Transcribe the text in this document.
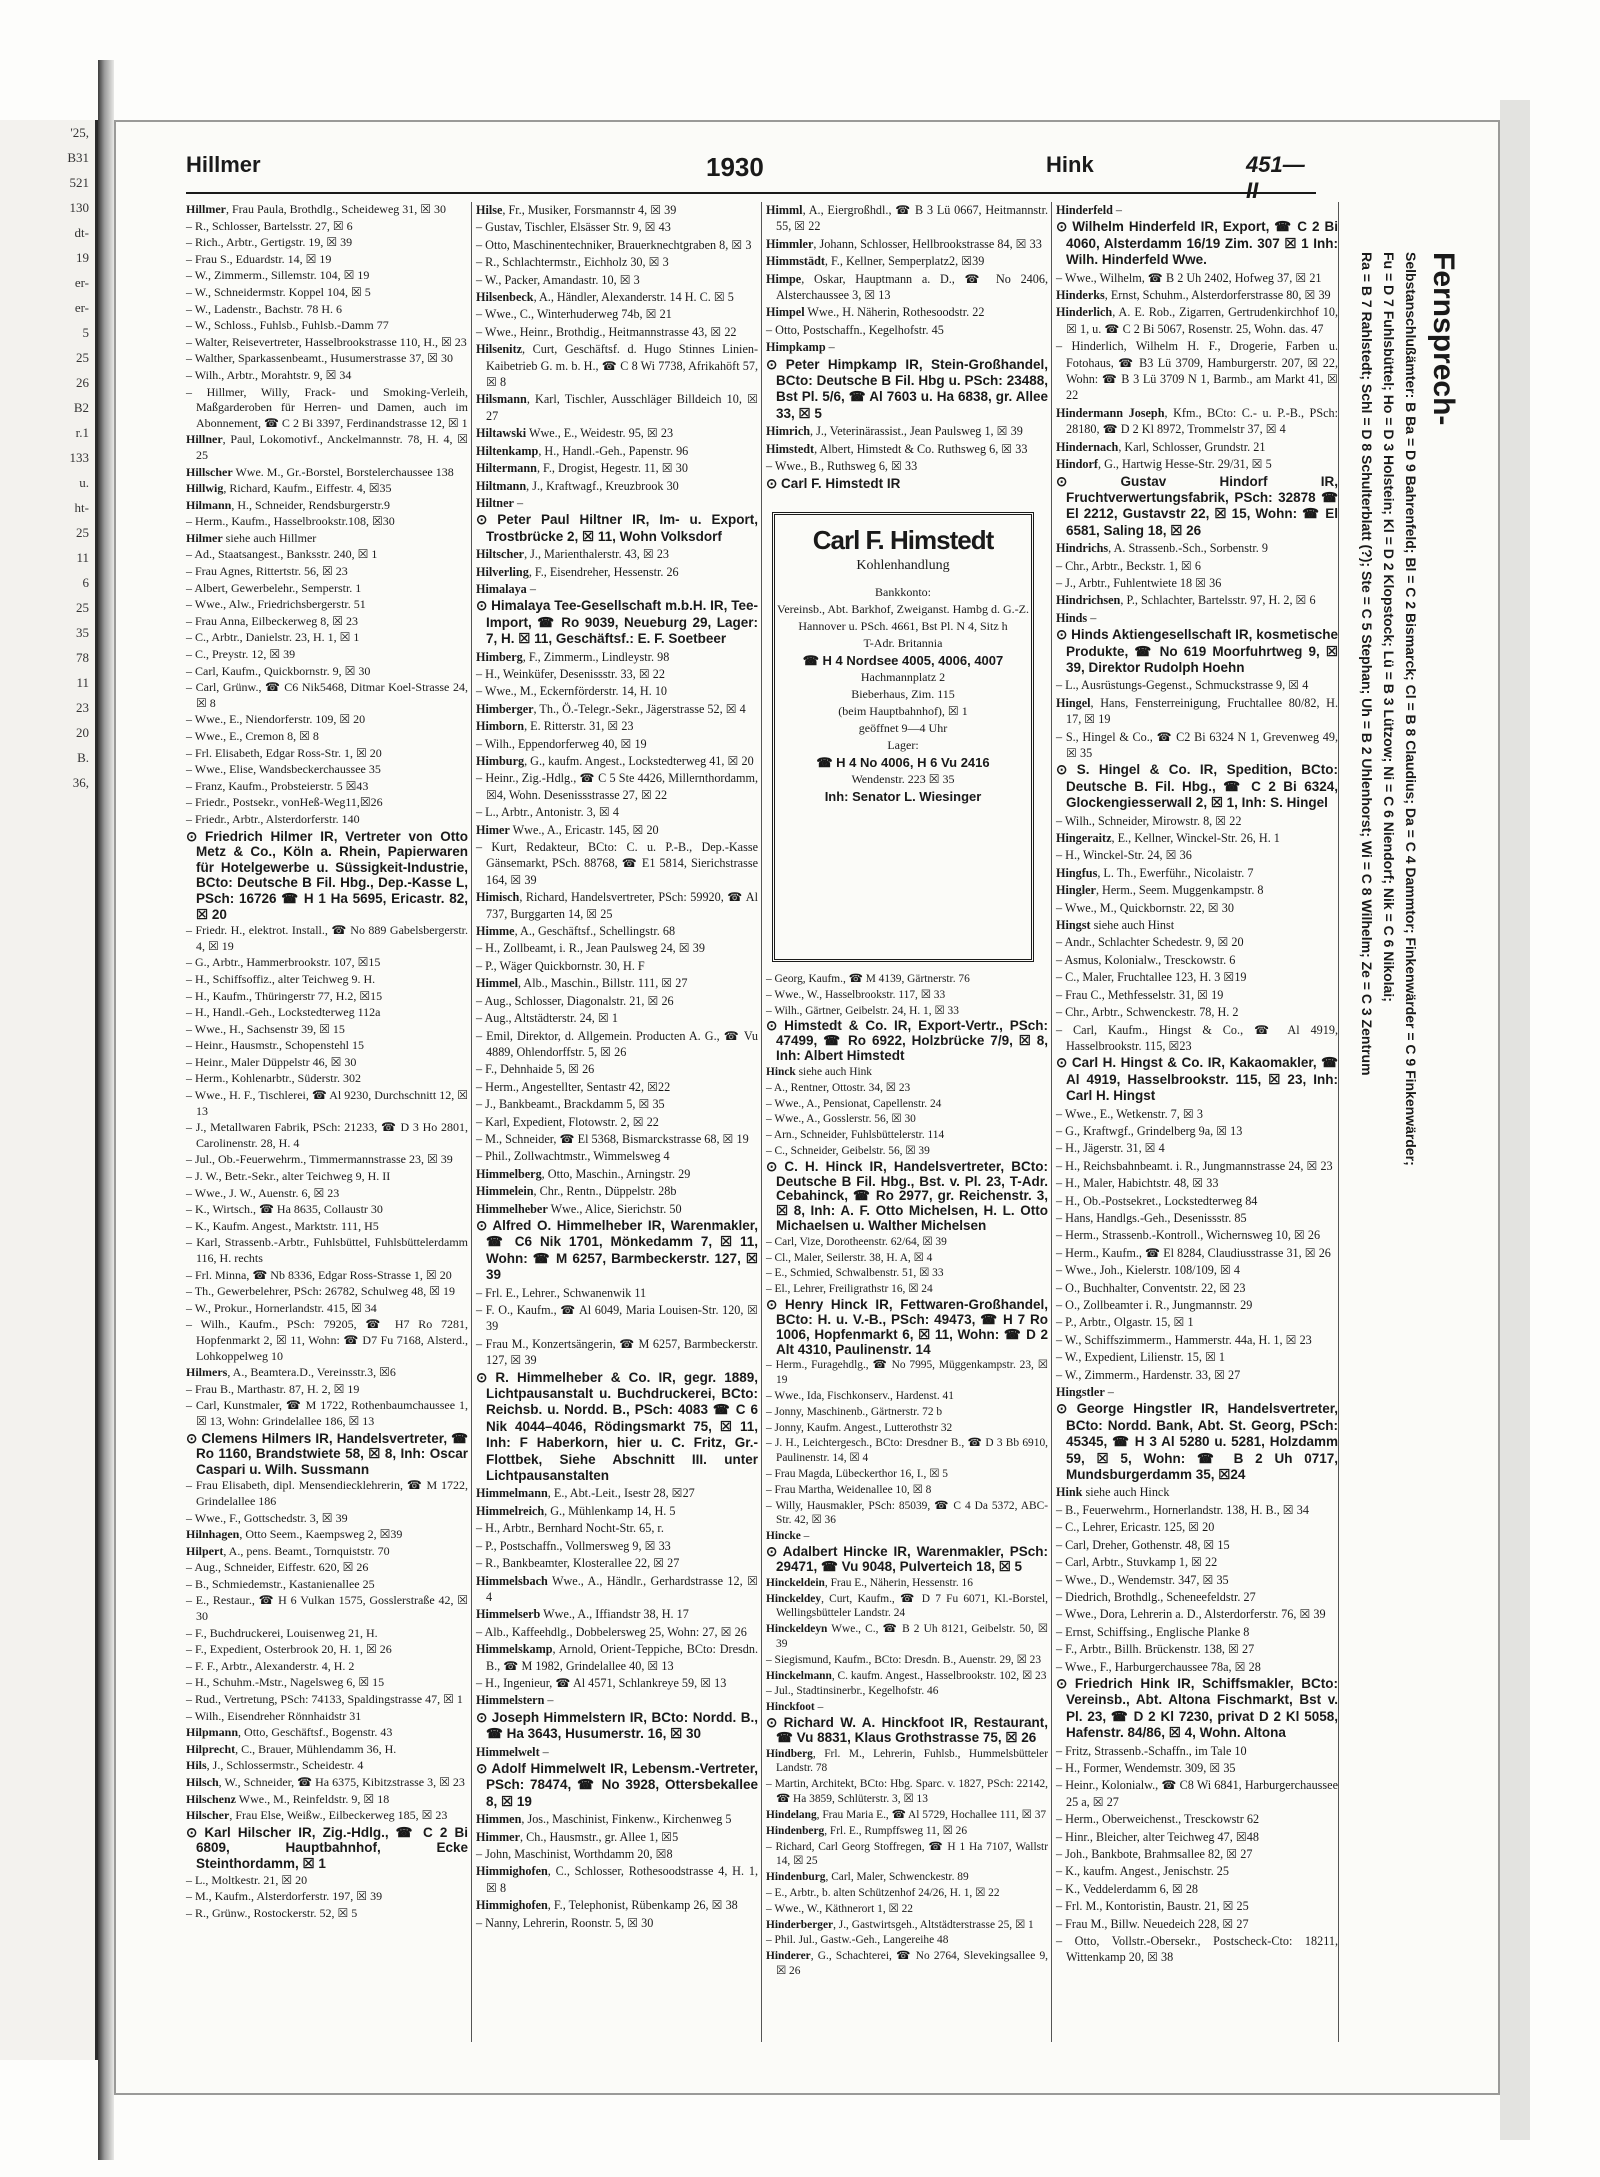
'25,
B31
521
130
dt-
19
er-
er-
5
25
26
B2
r.1
133
u.
ht-
25
11
6
25
35
78
11
23
20
B.
36,
Hillmer	1930	Hink	451—II
Hillmer, Frau Paula, Brothdlg., Scheideweg 31, ☒ 30
– R., Schlosser, Bartelsstr. 27, ☒ 6
– Rich., Arbtr., Gertigstr. 19, ☒ 39
– Frau S., Eduardstr. 14, ☒ 19
– W., Zimmerm., Sillemstr. 104, ☒ 19
– W., Schneidermstr. Koppel 104, ☒ 5
– W., Ladenstr., Bachstr. 78 H. 6
– W., Schloss., Fuhlsb., Fuhlsb.-Damm 77
– Walter, Reisevertreter, Hasselbrookstrasse 110, H., ☒ 23
– Walther, Sparkassenbeamt., Husumerstrasse 37, ☒ 30
– Wilh., Arbtr., Morahtstr. 9, ☒ 34
– Hillmer, Willy, Frack- und Smoking-Verleih, Maßgarderoben für Herren- und Damen, auch im Abonnement, ☎ C 2 Bi 3397, Ferdinandstrasse 12, ☒ 1
Hillner, Paul, Lokomotivf., Anckelmannstr. 78, H. 4, ☒ 25
Hillscher Wwe. M., Gr.-Borstel, Borstelerchaussee 138
Hillwig, Richard, Kaufm., Eiffestr. 4, ☒35
Hilmann, H., Schneider, Rendsburgerstr.9
– Herm., Kaufm., Hasselbrookstr.108, ☒30
Hilmer siehe auch Hillmer
– Ad., Staatsangest., Banksstr. 240, ☒ 1
– Frau Agnes, Rittertstr. 56, ☒ 23
– Albert, Gewerbelehr., Semperstr. 1
– Wwe., Alw., Friedrichsbergerstr. 51
– Frau Anna, Eilbeckerweg 8, ☒ 23
– C., Arbtr., Danielstr. 23, H. 1, ☒ 1
– C., Preystr. 12, ☒ 39
– Carl, Kaufm., Quickbornstr. 9, ☒ 30
– Carl, Grünw., ☎ C6 Nik5468, Ditmar Koel-Strasse 24, ☒ 8
– Wwe., E., Niendorferstr. 109, ☒ 20
– Wwe., E., Cremon 8, ☒ 8
– Frl. Elisabeth, Edgar Ross-Str. 1, ☒ 20
– Wwe., Elise, Wandsbeckerchaussee 35
– Franz, Kaufm., Probsteierstr. 5 ☒43
– Friedr., Postsekr., vonHeß-Weg11,☒26
– Friedr., Arbtr., Alsterdorferstr. 140
⊙ Friedrich Hilmer IR, Vertreter von Otto Metz & Co., Köln a. Rhein, Papierwaren für Hotelgewerbe u. Süssigkeit-Industrie, BCto: Deutsche B Fil. Hbg., Dep.-Kasse L, PSch: 16726 ☎ H 1 Ha 5695, Ericastr. 82, ☒ 20
– Friedr. H., elektrot. Install., ☎ No 889 Gabelsbergerstr. 4, ☒ 19
– G., Arbtr., Hammerbrookstr. 107, ☒15
– H., Schiffsoffiz., alter Teichweg 9. H.
– H., Kaufm., Thüringerstr 77, H.2, ☒15
– H., Handl.-Geh., Lockstedterweg 112a
– Wwe., H., Sachsenstr 39, ☒ 15
– Heinr., Hausmstr., Schopenstehl 15
– Heinr., Maler Düppelstr 46, ☒ 30
– Herm., Kohlenarbtr., Süderstr. 302
– Wwe., H. F., Tischlerei, ☎ Al 9230, Durchschnitt 12, ☒ 13
– J., Metallwaren Fabrik, PSch: 21233, ☎ D 3 Ho 2801, Carolinenstr. 28, H. 4
– Jul., Ob.-Feuerwehrm., Timmermannstrasse 23, ☒ 39
– J. W., Betr.-Sekr., alter Teichweg 9, H. II
– Wwe., J. W., Auenstr. 6, ☒ 23
– K., Wirtsch., ☎ Ha 8635, Collaustr 30
– K., Kaufm. Angest., Marktstr. 111, H5
– Karl, Strassenb.-Arbtr., Fuhlsbüttel, Fuhlsbüttelerdamm 116, H. rechts
– Frl. Minna, ☎ Nb 8336, Edgar Ross-Strasse 1, ☒ 20
– Th., Gewerbelehrer, PSch: 26782, Schulweg 48, ☒ 19
– W., Prokur., Hornerlandstr. 415, ☒ 34
– Wilh., Kaufm., PSch: 79205, ☎ H7 Ro 7281, Hopfenmarkt 2, ☒ 11, Wohn: ☎ D7 Fu 7168, Alsterd., Lohkoppelweg 10
Hilmers, A., Beamtera.D., Vereinsstr.3, ☒6
– Frau B., Marthastr. 87, H. 2, ☒ 19
– Carl, Kunstmaler, ☎ M 1722, Rothenbaumchaussee 1, ☒ 13, Wohn: Grindelallee 186, ☒ 13
⊙ Clemens Hilmers IR, Handelsvertreter, ☎ Ro 1160, Brandstwiete 58, ☒ 8, Inh: Oscar Caspari u. Wilh. Sussmann
– Frau Elisabeth, dipl. Mensendiecklehrerin, ☎ M 1722, Grindelallee 186
– Wwe., F., Gottschedstr. 3, ☒ 39
Hilnhagen, Otto Seem., Kaempsweg 2, ☒39
Hilpert, A., pens. Beamt., Tornquiststr. 70
– Aug., Schneider, Eiffestr. 620, ☒ 26
– B., Schmiedemstr., Kastanienallee 25
– E., Restaur., ☎ H 6 Vulkan 1575, Gosslerstraße 42, ☒ 30
– F., Buchdruckerei, Louisenweg 21, H.
– F., Expedient, Osterbrook 20, H. 1, ☒ 26
– F. F., Arbtr., Alexanderstr. 4, H. 2
– H., Schuhm.-Mstr., Nagelsweg 6, ☒ 15
– Rud., Vertretung, PSch: 74133, Spaldingstrasse 47, ☒ 1
– Wilh., Eisendreher Rönnhaidstr 31
Hilpmann, Otto, Geschäftsf., Bogenstr. 43
Hilprecht, C., Brauer, Mühlendamm 36, H.
Hils, J., Schlossermstr., Scheidestr. 4
Hilsch, W., Schneider, ☎ Ha 6375, Kibitzstrasse 3, ☒ 23
Hilschenz Wwe., M., Reinfeldstr. 9, ☒ 18
Hilscher, Frau Else, Weißw., Eilbeckerweg 185, ☒ 23
⊙ Karl Hilscher IR, Zig.-Hdlg., ☎ C 2 Bi 6809, Hauptbahnhof, Ecke Steinthordamm, ☒ 1
– L., Moltkestr. 21, ☒ 20
– M., Kaufm., Alsterdorferstr. 197, ☒ 39
– R., Grünw., Rostockerstr. 52, ☒ 5
Hilse, Fr., Musiker, Forsmannstr 4, ☒ 39
– Gustav, Tischler, Elsässer Str. 9, ☒ 43
– Otto, Maschinentechniker, Brauerknechtgraben 8, ☒ 3
– R., Schlachtermstr., Eichholz 30, ☒ 3
– W., Packer, Amandastr. 10, ☒ 3
Hilsenbeck, A., Händler, Alexanderstr. 14 H. C. ☒ 5
– Wwe., C., Winterhuderweg 74b, ☒ 21
– Wwe., Heinr., Brothdig., Heitmannstrasse 43, ☒ 22
Hilsenitz, Curt, Geschäftsf. d. Hugo Stinnes Linien-Kaibetrieb G. m. b. H., ☎ C 8 Wi 7738, Afrikahöft 57, ☒ 8
Hilsmann, Karl, Tischler, Ausschläger Billdeich 10, ☒ 27
Hiltawski Wwe., E., Weidestr. 95, ☒ 23
Hiltenkamp, H., Handl.-Geh., Papenstr. 96
Hiltermann, F., Drogist, Hegestr. 11, ☒ 30
Hiltmann, J., Kraftwagf., Kreuzbrook 30
Hiltner –
⊙ Peter Paul Hiltner IR, Im- u. Export, Trostbrücke 2, ☒ 11, Wohn Volksdorf
Hiltscher, J., Marienthalerstr. 43, ☒ 23
Hilverling, F., Eisendreher, Hessenstr. 26
Himalaya –
⊙ Himalaya Tee-Gesellschaft m.b.H. IR, Tee-Import, ☎ Ro 9039, Neueburg 29, Lager: 7, H. ☒ 11, Geschäftsf.: E. F. Soetbeer
Himberg, F., Zimmerm., Lindleystr. 98
– H., Weinküfer, Desenissstr. 33, ☒ 22
– Wwe., M., Eckernförderstr. 14, H. 10
Himberger, Th., Ö.-Telegr.-Sekr., Jägerstrasse 52, ☒ 4
Himborn, E. Ritterstr. 31, ☒ 23
– Wilh., Eppendorferweg 40, ☒ 19
Himburg, G., kaufm. Angest., Lockstedterweg 41, ☒ 20
– Heinr., Zig.-Hdlg., ☎ C 5 Ste 4426, Millernthordamm, ☒4, Wohn. Desenissstrasse 27, ☒ 22
– L., Arbtr., Antonistr. 3, ☒ 4
Himer Wwe., A., Ericastr. 145, ☒ 20
– Kurt, Redakteur, BCto: C. u. P.-B., Dep.-Kasse Gänsemarkt, PSch. 88768, ☎ E1 5814, Sierichstrasse 164, ☒ 39
Himisch, Richard, Handelsvertreter, PSch: 59920, ☎ Al 737, Burggarten 14, ☒ 25
Himme, A., Geschäftsf., Schellingstr. 68
– H., Zollbeamt, i. R., Jean Paulsweg 24, ☒ 39
– P., Wäger Quickbornstr. 30, H. F
Himmel, Alb., Maschin., Billstr. 111, ☒ 27
– Aug., Schlosser, Diagonalstr. 21, ☒ 26
– Aug., Altstädterstr. 24, ☒ 1
– Emil, Direktor, d. Allgemein. Producten A. G., ☎ Vu 4889, Ohlendorffstr. 5, ☒ 26
– F., Dehnhaide 5, ☒ 26
– Herm., Angestellter, Sentastr 42, ☒22
– J., Bankbeamt., Brackdamm 5, ☒ 35
– Karl, Expedient, Flotowstr. 2, ☒ 22
– M., Schneider, ☎ El 5368, Bismarckstrasse 68, ☒ 19
– Phil., Zollwachtmstr., Wimmelsweg 4
Himmelberg, Otto, Maschin., Arningstr. 29
Himmelein, Chr., Rentn., Düppelstr. 28b
Himmelheber Wwe., Alice, Sierichstr. 50
⊙ Alfred O. Himmelheber IR, Warenmakler, ☎ C6 Nik 1701, Mönkedamm 7, ☒ 11, Wohn: ☎ M 6257, Barmbeckerstr. 127, ☒ 39
– Frl. E., Lehrer., Schwanenwik 11
– F. O., Kaufm., ☎ Al 6049, Maria Louisen-Str. 120, ☒ 39
– Frau M., Konzertsängerin, ☎ M 6257, Barmbeckerstr. 127, ☒ 39
⊙ R. Himmelheber & Co. IR, gegr. 1889, Lichtpausanstalt u. Buchdruckerei, BCto: Reichsb. u. Nordd. B., PSch: 4083 ☎ C 6 Nik 4044–4046, Rödingsmarkt 75, ☒ 11, Inh: F Haberkorn, hier u. C. Fritz, Gr.-Flottbek, Siehe Abschnitt III. unter Lichtpausanstalten
Himmelmann, E., Abt.-Leit., Isestr 28, ☒27
Himmelreich, G., Mühlenkamp 14, H. 5
– H., Arbtr., Bernhard Nocht-Str. 65, r.
– P., Postschaffn., Vollmersweg 9, ☒ 33
– R., Bankbeamter, Klosterallee 22, ☒ 27
Himmelsbach Wwe., A., Händlr., Gerhardstrasse 12, ☒ 4
Himmelserb Wwe., A., Iffiandstr 38, H. 17
– Alb., Kaffeehdlg., Dobbelersweg 25, Wohn: 27, ☒ 26
Himmelskamp, Arnold, Orient-Teppiche, BCto: Dresdn. B., ☎ M 1982, Grindelallee 40, ☒ 13
– H., Ingenieur, ☎ Al 4571, Schlankreye 59, ☒ 13
Himmelstern –
⊙ Joseph Himmelstern IR, BCto: Nordd. B., ☎ Ha 3643, Husumerstr. 16, ☒ 30
Himmelwelt –
⊙ Adolf Himmelwelt IR, Lebensm.-Vertreter, PSch: 78474, ☎ No 3928, Ottersbekallee 8, ☒ 19
Himmen, Jos., Maschinist, Finkenw., Kirchenweg 5
Himmer, Ch., Hausmstr., gr. Allee 1, ☒5
– John, Maschinist, Worthdamm 20, ☒8
Himmighofen, C., Schlosser, Rothesoodstrasse 4, H. 1, ☒ 8
Himmighofen, F., Telephonist, Rübenkamp 26, ☒ 38
– Nanny, Lehrerin, Roonstr. 5, ☒ 30
Himml, A., Eiergroßhdl., ☎ B 3 Lü 0667, Heitmannstr. 55, ☒ 22
Himmler, Johann, Schlosser, Hellbrookstrasse 84, ☒ 33
Himmstädt, F., Kellner, Semperplatz2, ☒39
Himpe, Oskar, Hauptmann a. D., ☎ No 2406, Alsterchaussee 3, ☒ 13
Himpel Wwe., H. Näherin, Rothesoodstr. 22
– Otto, Postschaffn., Kegelhofstr. 45
Himpkamp –
⊙ Peter Himpkamp IR, Stein-Großhandel, BCto: Deutsche B Fil. Hbg u. PSch: 23488, Bst Pl. 5/6, ☎ Al 7603 u. Ha 6838, gr. Allee 33, ☒ 5
Himrich, J., Veterinärassist., Jean Paulsweg 1, ☒ 39
Himstedt, Albert, Himstedt & Co. Ruthsweg 6, ☒ 33
– Wwe., B., Ruthsweg 6, ☒ 33
⊙ Carl F. Himstedt IR
– Georg, Kaufm., ☎ M 4139, Gärtnerstr. 76
– Wwe., W., Hasselbrookstr. 117, ☒ 33
– Wilh., Gärtner, Geibelstr. 24, H. 1, ☒ 33
⊙ Himstedt & Co. IR, Export-Vertr., PSch: 47499, ☎ Ro 6922, Holzbrücke 7/9, ☒ 8, Inh: Albert Himstedt
Hinck siehe auch Hink
– A., Rentner, Ottostr. 34, ☒ 23
– Wwe., A., Pensionat, Capellenstr. 24
– Wwe., A., Gosslerstr. 56, ☒ 30
– Arn., Schneider, Fuhlsbüttelerstr. 114
– C., Schneider, Geibelstr. 56, ☒ 39
⊙ C. H. Hinck IR, Handelsvertreter, BCto: Deutsche B Fil. Hbg., Bst. v. Pl. 23, T-Adr. Cebahinck, ☎ Ro 2977, gr. Reichenstr. 3, ☒ 8, Inh: A. F. Otto Michelsen, H. L. Otto Michaelsen u. Walther Michelsen
– Carl, Vize, Dorotheenstr. 62/64, ☒ 39
– Cl., Maler, Seilerstr. 38, H. A, ☒ 4
– E., Schmied, Schwalbenstr. 51, ☒ 33
– El., Lehrer, Freiligrathstr 16, ☒ 24
⊙ Henry Hinck IR, Fettwaren-Großhandel, BCto: H. u. V.-B., PSch: 49473, ☎ H 7 Ro 1006, Hopfenmarkt 6, ☒ 11, Wohn: ☎ D 2 Alt 4310, Paulinenstr. 14
– Herm., Furagehdlg., ☎ No 7995, Müggenkampstr. 23, ☒ 19
– Wwe., Ida, Fischkonserv., Hardenst. 41
– Jonny, Maschinenb., Gärtnerstr. 72 b
– Jonny, Kaufm. Angest., Lutterothstr 32
– J. H., Leichtergesch., BCto: Dresdner B., ☎ D 3 Bb 6910, Paulinenstr. 14, ☒ 4
– Frau Magda, Lübeckerthor 16, I., ☒ 5
– Frau Martha, Weidenallee 10, ☒ 8
– Willy, Hausmakler, PSch: 85039, ☎ C 4 Da 5372, ABC-Str. 42, ☒ 36
Hincke –
⊙ Adalbert Hincke IR, Warenmakler, PSch: 29471, ☎ Vu 9048, Pulverteich 18, ☒ 5
Hinckeldein, Frau E., Näherin, Hessenstr. 16
Hinckeldey, Curt, Kaufm., ☎ D 7 Fu 6071, Kl.-Borstel, Wellingsbütteler Landstr. 24
Hinckeldeyn Wwe., C., ☎ B 2 Uh 8121, Geibelstr. 50, ☒ 39
– Siegismund, Kaufm., BCto: Dresdn. B., Auenstr. 29, ☒ 23
Hinckelmann, C. kaufm. Angest., Hasselbrookstr. 102, ☒ 23
– Jul., Stadtinsinerbr., Kegelhofstr. 46
Hinckfoot –
⊙ Richard W. A. Hinckfoot IR, Restaurant, ☎ Vu 8831, Klaus Grothstrasse 75, ☒ 26
Hindberg, Frl. M., Lehrerin, Fuhlsb., Hummelsbütteler Landstr. 78
– Martin, Architekt, BCto: Hbg. Sparc. v. 1827, PSch: 22142, ☎ Ha 3859, Schlüterstr. 3, ☒ 13
Hindelang, Frau Maria E., ☎ Al 5729, Hochallee 111, ☒ 37
Hindenberg, Frl. E., Rumpffsweg 11, ☒ 26
– Richard, Carl Georg Stoffregen, ☎ H 1 Ha 7107, Wallstr 14, ☒ 25
Hindenburg, Carl, Maler, Schwenckestr. 89
– E., Arbtr., b. alten Schützenhof 24/26, H. 1, ☒ 22
– Wwe., W., Käthnerort 1, ☒ 22
Hinderberger, J., Gastwirtsgeh., Altstädterstrasse 25, ☒ 1
– Phil. Jul., Gastw.-Geh., Langereihe 48
Hinderer, G., Schachterei, ☎ No 2764, Slevekingsallee 9, ☒ 26
Hinderfeld –
⊙ Wilhelm Hinderfeld IR, Export, ☎ C 2 Bi 4060, Alsterdamm 16/19 Zim. 307 ☒ 1 Inh: Wilh. Hinderfeld Wwe.
– Wwe., Wilhelm, ☎ B 2 Uh 2402, Hofweg 37, ☒ 21
Hinderks, Ernst, Schuhm., Alsterdorferstrasse 80, ☒ 39
Hinderlich, A. E. Rob., Zigarren, Gertrudenkirchhof 10, ☒ 1, u. ☎ C 2 Bi 5067, Rosenstr. 25, Wohn. das. 47
– Hinderlich, Wilhelm H. F., Drogerie, Farben u. Fotohaus, ☎ B3 Lü 3709, Hamburgerstr. 207, ☒ 22, Wohn: ☎ B 3 Lü 3709 N 1, Barmb., am Markt 41, ☒ 22
Hindermann Joseph, Kfm., BCto: C.- u. P.-B., PSch: 28180, ☎ D 2 Kl 8972, Trommelstr 37, ☒ 4
Hindernach, Karl, Schlosser, Grundstr. 21
Hindorf, G., Hartwig Hesse-Str. 29/31, ☒ 5
⊙ Gustav Hindorf IR, Fruchtverwertungsfabrik, PSch: 32878 ☎ El 2212, Gustavstr 22, ☒ 15, Wohn: ☎ El 6581, Saling 18, ☒ 26
Hindrichs, A. Strassenb.-Sch., Sorbenstr. 9
– Chr., Arbtr., Beckstr. 1, ☒ 6
– J., Arbtr., Fuhlentwiete 18 ☒ 36
Hindrichsen, P., Schlachter, Bartelsstr. 97, H. 2, ☒ 6
Hinds –
⊙ Hinds Aktiengesellschaft IR, kosmetische Produkte, ☎ No 619 Moorfuhrtweg 9, ☒ 39, Direktor Rudolph Hoehn
– L., Ausrüstungs-Gegenst., Schmuckstrasse 9, ☒ 4
Hingel, Hans, Fensterreinigung, Fruchtallee 80/82, H. 17, ☒ 19
– S., Hingel & Co., ☎ C2 Bi 6324 N 1, Grevenweg 49, ☒ 35
⊙ S. Hingel & Co. IR, Spedition, BCto: Deutsche B. Fil. Hbg., ☎ C 2 Bi 6324, Glockengiesserwall 2, ☒ 1, Inh: S. Hingel
– Wilh., Schneider, Mirowstr. 8, ☒ 22
Hingeraitz, E., Kellner, Winckel-Str. 26, H. 1
– H., Winckel-Str. 24, ☒ 36
Hingfus, L. Th., Ewerführ., Nicolaistr. 7
Hingler, Herm., Seem. Muggenkampstr. 8
– Wwe., M., Quickbornstr. 22, ☒ 30
Hingst siehe auch Hinst
– Andr., Schlachter Schedestr. 9, ☒ 20
– Asmus, Kolonialw., Tresckowstr. 6
– C., Maler, Fruchtallee 123, H. 3 ☒19
– Frau C., Methfesselstr. 31, ☒ 19
– Chr., Arbtr., Schwenckestr. 78, H. 2
– Carl, Kaufm., Hingst & Co., ☎ Al 4919, Hasselbrookstr. 115, ☒23
⊙ Carl H. Hingst & Co. IR, Kakaomakler, ☎ Al 4919, Hasselbrookstr. 115, ☒ 23, Inh: Carl H. Hingst
– Wwe., E., Wetkenstr. 7, ☒ 3
– G., Kraftwgf., Grindelberg 9a, ☒ 13
– H., Jägerstr. 31, ☒ 4
– H., Reichsbahnbeamt. i. R., Jungmannstrasse 24, ☒ 23
– H., Maler, Habichtstr. 48, ☒ 33
– H., Ob.-Postsekret., Lockstedterweg 84
– Hans, Handlgs.-Geh., Desenissstr. 85
– Herm., Strassenb.-Kontroll., Wichernsweg 10, ☒ 26
– Herm., Kaufm., ☎ El 8284, Claudiusstrasse 31, ☒ 26
– Wwe., Joh., Kielerstr. 108/109, ☒ 4
– O., Buchhalter, Conventstr. 22, ☒ 23
– O., Zollbeamter i. R., Jungmannstr. 29
– P., Arbtr., Olgastr. 15, ☒ 1
– W., Schiffszimmerm., Hammerstr. 44a, H. 1, ☒ 23
– W., Expedient, Lilienstr. 15, ☒ 1
– W., Zimmerm., Hardenstr. 33, ☒ 27
Hingstler –
⊙ George Hingstler IR, Handelsvertreter, BCto: Nordd. Bank, Abt. St. Georg, PSch: 45345, ☎ H 3 Al 5280 u. 5281, Holzdamm 59, ☒ 5, Wohn: ☎ B 2 Uh 0717, Mundsburgerdamm 35, ☒24
Hink siehe auch Hinck
– B., Feuerwehrm., Hornerlandstr. 138, H. B., ☒ 34
– C., Lehrer, Ericastr. 125, ☒ 20
– Carl, Dreher, Gothenstr. 48, ☒ 15
– Carl, Arbtr., Stuvkamp 1, ☒ 22
– Wwe., D., Wendemstr. 347, ☒ 35
– Diedrich, Brothdlg., Scheneefeldstr. 27
– Wwe., Dora, Lehrerin a. D., Alsterdorferstr. 76, ☒ 39
– Ernst, Schiffsing., Englische Planke 8
– F., Arbtr., Billh. Brückenstr. 138, ☒ 27
– Wwe., F., Harburgerchaussee 78a, ☒ 28
⊙ Friedrich Hink IR, Schiffsmakler, BCto: Vereinsb., Abt. Altona Fischmarkt, Bst v. Pl. 23, ☎ D 2 Kl 7230, privat D 2 Kl 5058, Hafenstr. 84/86, ☒ 4, Wohn. Altona
– Fritz, Strassenb.-Schaffn., im Tale 10
– H., Former, Wendemstr. 309, ☒ 35
– Heinr., Kolonialw., ☎ C8 Wi 6841, Harburgerchaussee 25 a, ☒ 27
– Herm., Oberweichenst., Tresckowstr 62
– Hinr., Bleicher, alter Teichweg 47, ☒48
– Joh., Bankbote, Brahmsallee 82, ☒ 27
– K., kaufm. Angest., Jenischstr. 25
– K., Veddelerdamm 6, ☒ 28
– Frl. M., Kontoristin, Baustr. 21, ☒ 25
– Frau M., Billw. Neuedeich 228, ☒ 27
– Otto, Vollstr.-Obersekr., Postscheck-Cto: 18211, Wittenkamp 20, ☒ 38
Carl F. Himstedt
Kohlenhandlung
Bankkonto:
Vereinsb., Abt. Barkhof, Zweiganst. Hambg d. G.-Z. Hannover u. PSch. 4661, Bst Pl. N 4, Sitz h
T-Adr. Britannia
☎ H 4 Nordsee 4005, 4006, 4007
Hachmannplatz 2
Bieberhaus, Zim. 115
(beim Hauptbahnhof), ☒ 1
geöffnet 9—4 Uhr
Lager:
☎ H 4 No 4006, H 6 Vu 2416
Wendenstr. 223 ☒ 35
Inh: Senator L. Wiesinger
Fernsprech-
Selbstanschlußämter: B Ba = D 9 Bahrenfeld; Bl = C 2 Bismarck; Cl = B 8 Claudius; Da = C 4 Dammtor; Finkenwärder = C 9 Finkenwärder;
Fu = D 7 Fuhlsbüttel; Ho = D 3 Holstein; Kl = D 2 Klopstock; Lü = B 3 Lützow; Ni = C 6 Niendorf; Nik = C 6 Nikolai;
Ra = B 7 Rahlstedt; Schl = D 8 Schulterblatt (?); Ste = C 5 Stephan; Uh = B 2 Uhlenhorst; Wi = C 8 Wilhelm; Ze = C 3 Zentrum
